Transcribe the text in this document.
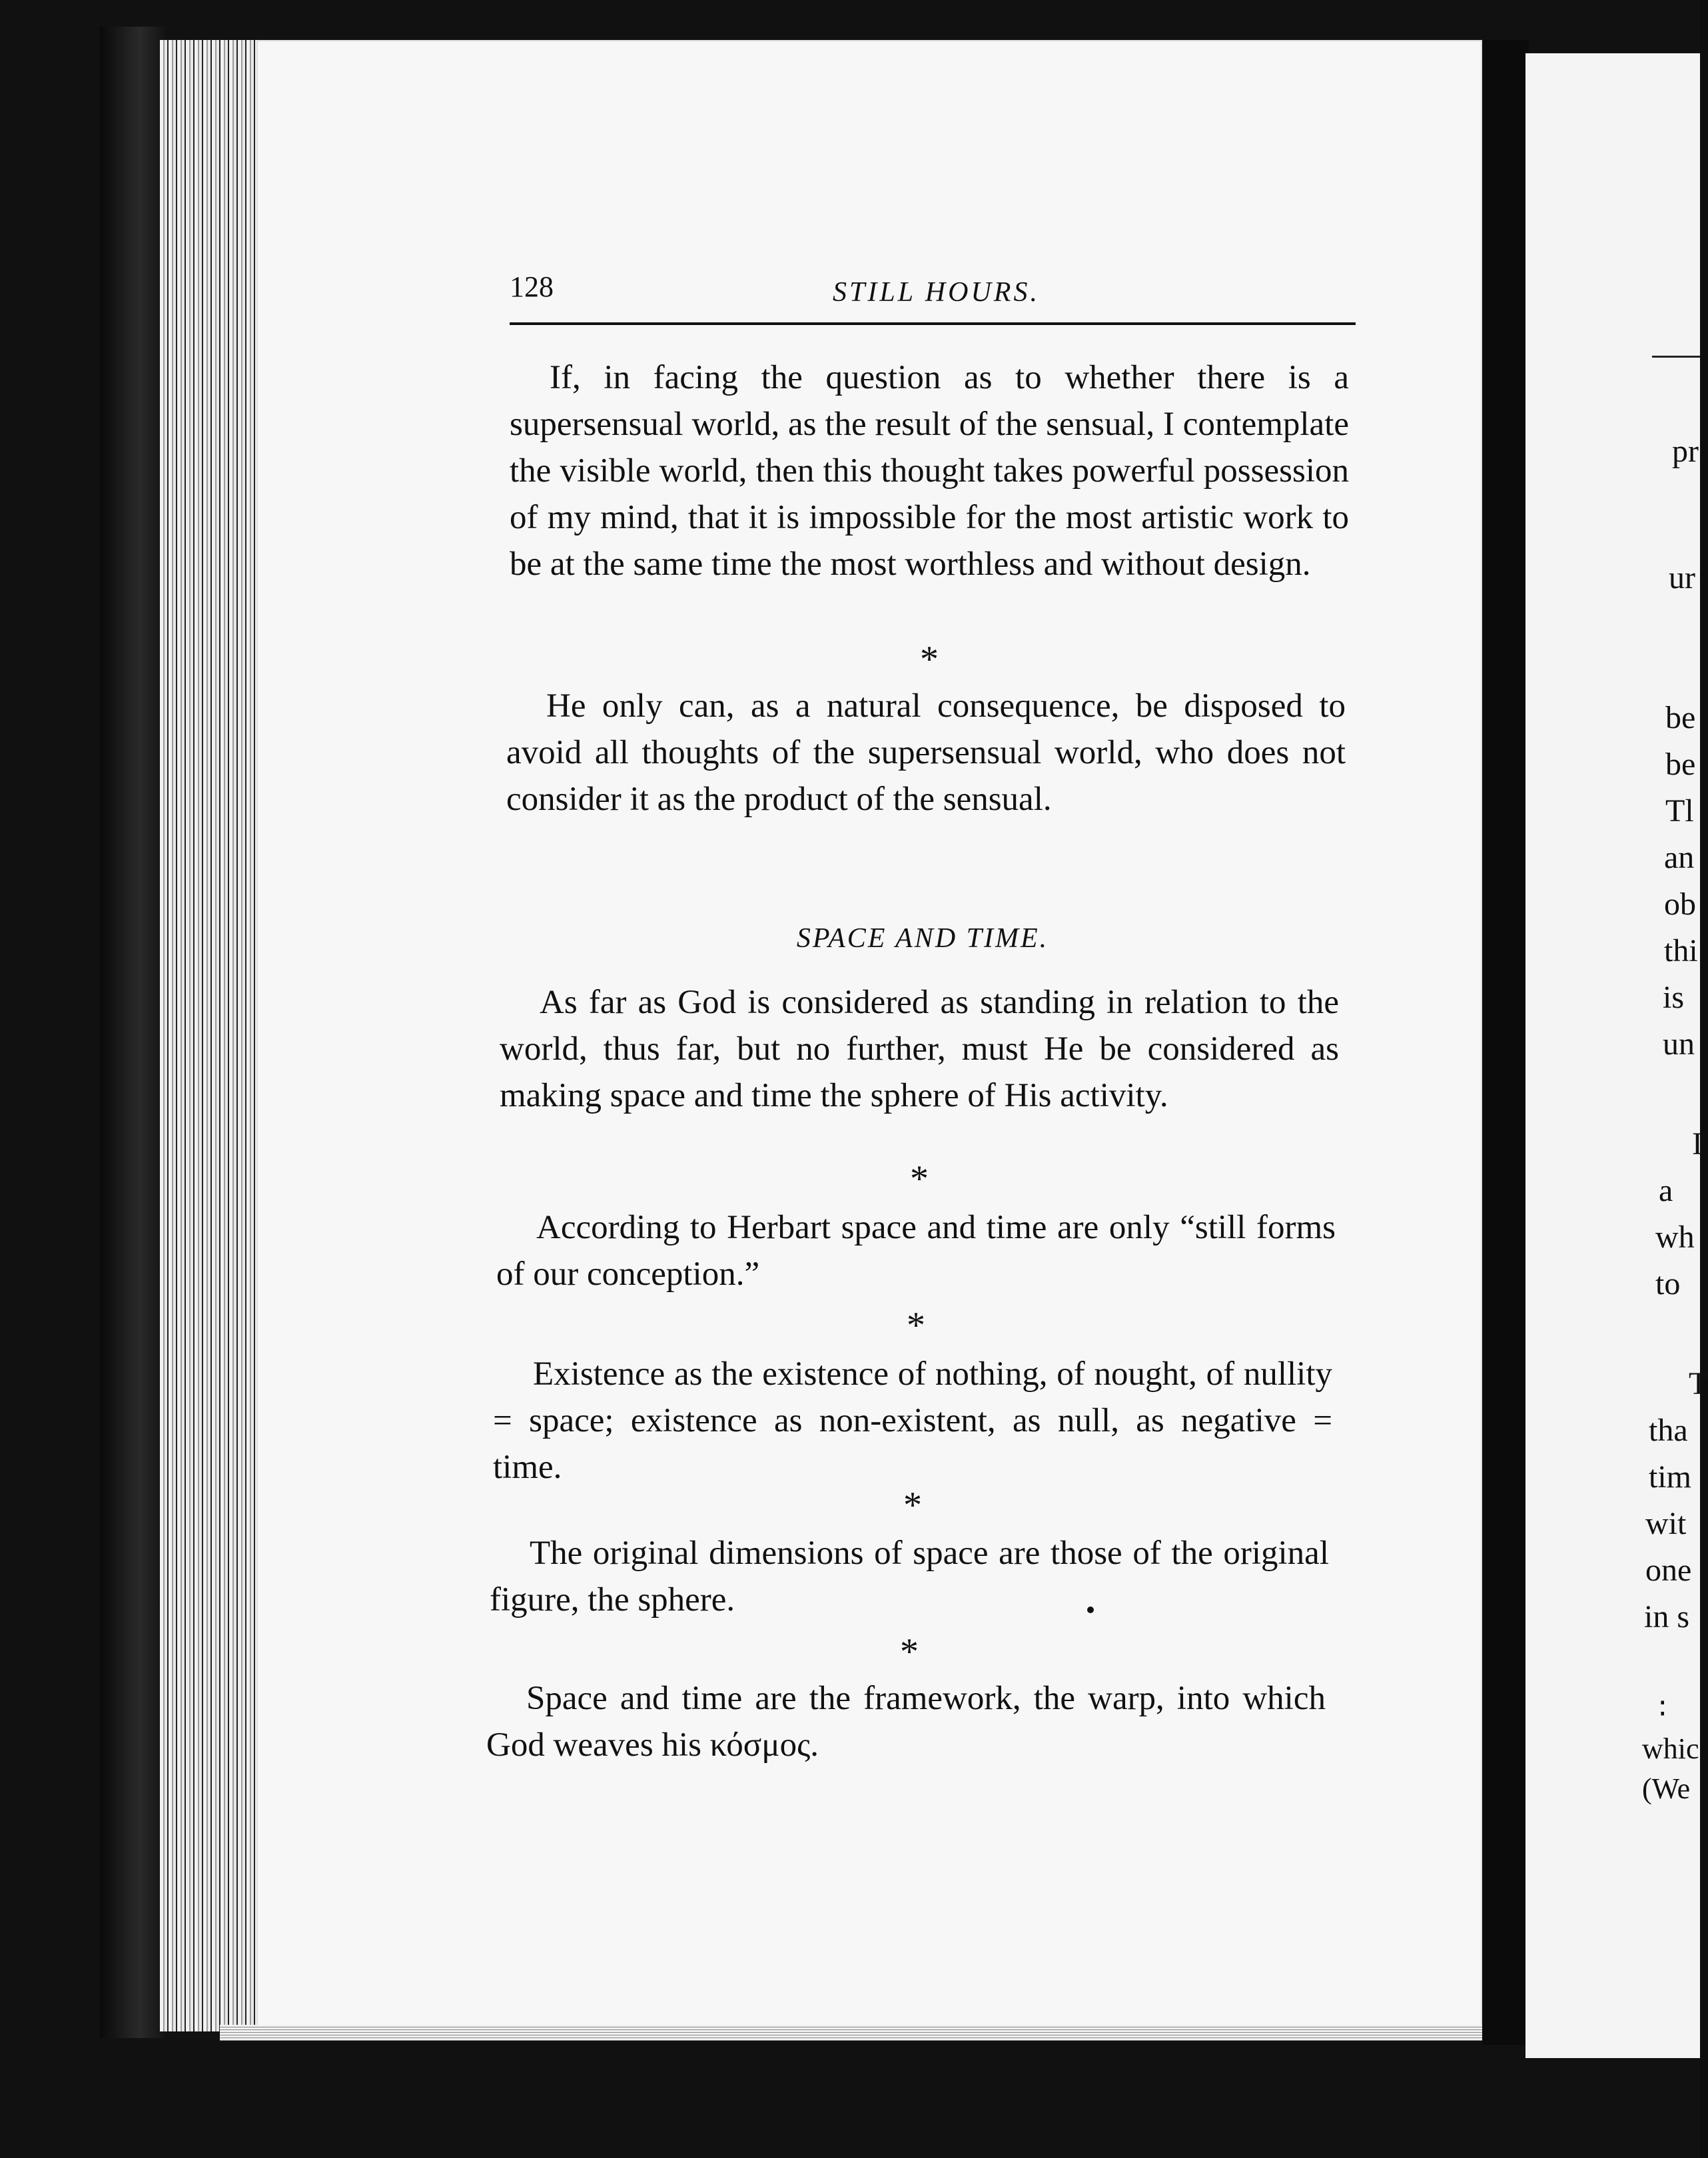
pr
ur
be
be
Tl
an
ob
thi
is
un
I
a
wh
to
T
tha
tim
wit
one
in s
∶
whic
(We
128	STILL HOURS.

If, in facing the question as to whether there is a supersensual world, as the result of the sensual, I contemplate the visible world, then this thought takes powerful possession of my mind, that it is impossible for the most artistic work to be at the same time the most worthless and without design.

*

He only can, as a natural consequence, be disposed to avoid all thoughts of the supersensual world, who does not consider it as the product of the sensual.

SPACE AND TIME.

As far as God is considered as standing in relation to the world, thus far, but no further, must He be considered as making space and time the sphere of His activity.

*

According to Herbart space and time are only “still forms of our conception.”

*

Existence as the existence of nothing, of nought, of nullity = space; existence as non-existent, as null, as negative = time.

*

The original dimensions of space are those of the original figure, the sphere.

*

Space and time are the framework, the warp, into which God weaves his κόσμος.
